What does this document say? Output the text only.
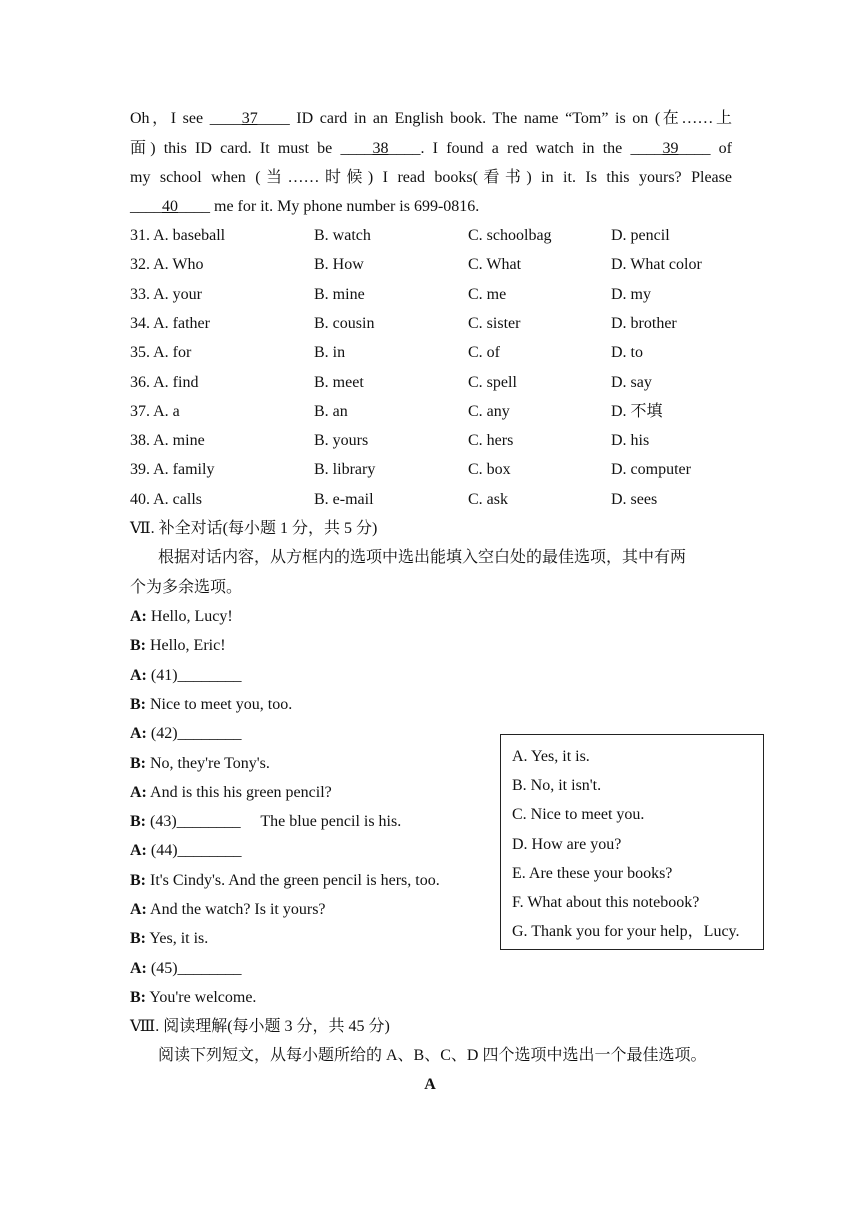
Oh，I see ____37____ ID card in an English book. The name “Tom” is on (在……上
面) this ID card. It must be ____38____. I found a red watch in the ____39____ of
my school when (当……时候) I read books(看书) in it. Is this yours? Please
____40____ me for it. My phone number is 699-0816.
31. A. baseball	B. watch	C. schoolbag	D. pencil
32. A. Who	B. How	C. What	D. What color
33. A. your	B. mine	C. me	D. my
34. A. father	B. cousin	C. sister	D. brother
35. A. for	B. in	C. of	D. to
36. A. find	B. meet	C. spell	D. say
37. A. a	B. an	C. any	D. 不填
38. A. mine	B. yours	C. hers	D. his
39. A. family	B. library	C. box	D. computer
40. A. calls	B. e-mail	C. ask	D. sees
Ⅶ. 补全对话(每小题 1 分，共 5 分)
根据对话内容，从方框内的选项中选出能填入空白处的最佳选项，其中有两
个为多余选项。
A: Hello, Lucy!
B: Hello, Eric!
A: (41)________
B: Nice to meet you, too.
A: (42)________
B: No, they're Tony's.
A: And is this his green pencil?
B: (43)________     The blue pencil is his.
A: (44)________
B: It's Cindy's. And the green pencil is hers, too.
A: And the watch? Is it yours?
B: Yes, it is.
A: (45)________
B: You're welcome.
A. Yes, it is.
B. No, it isn't.
C. Nice to meet you.
D. How are you?
E. Are these your books?
F. What about this notebook?
G. Thank you for your help，Lucy.
Ⅷ. 阅读理解(每小题 3 分，共 45 分)
阅读下列短文，从每小题所给的 A、B、C、D 四个选项中选出一个最佳选项。
A
